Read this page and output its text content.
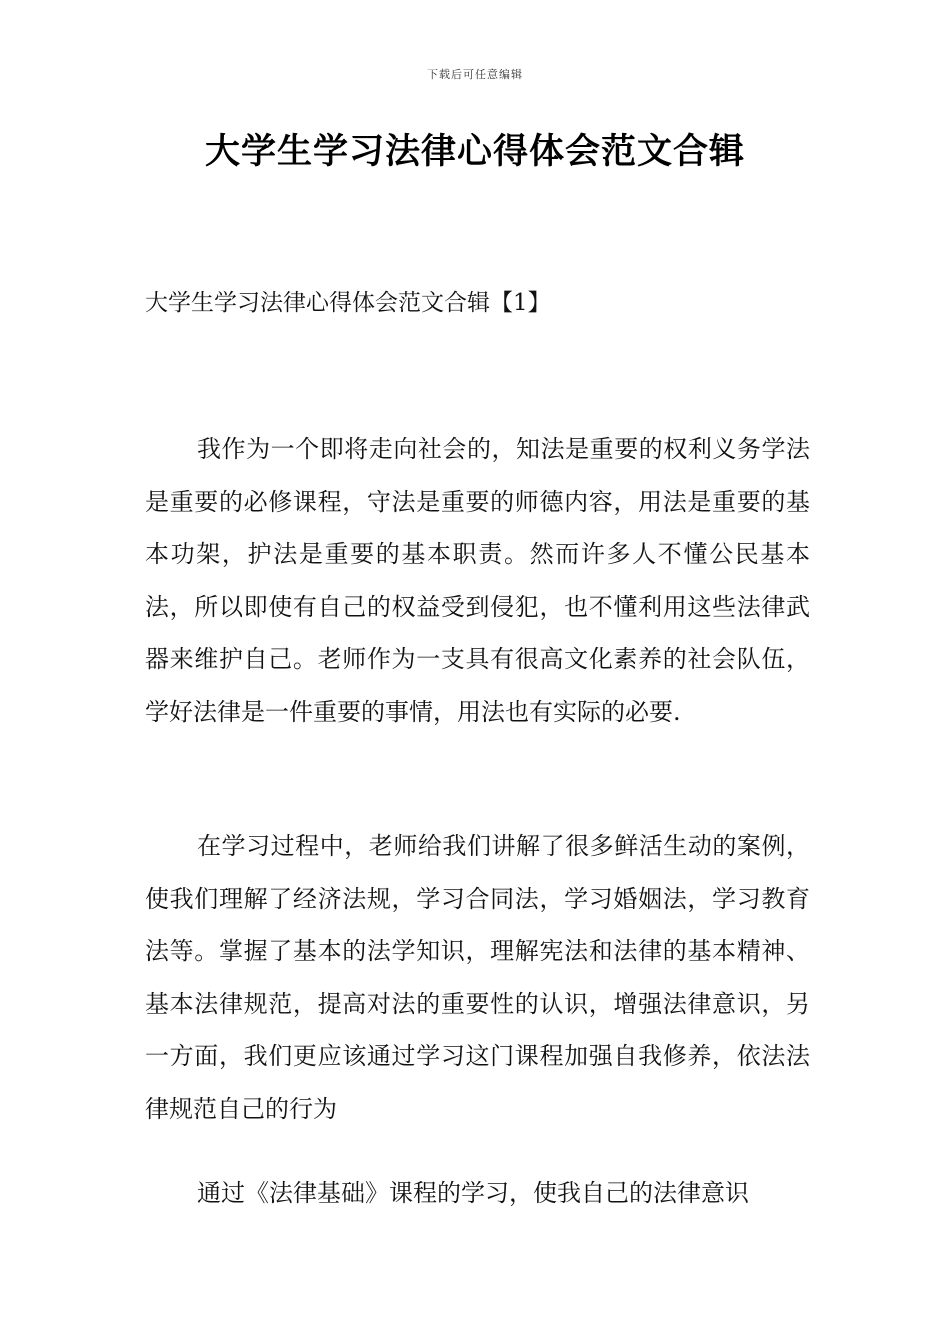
下载后可任意编辑
大学生学习法律心得体会范文合辑
大学生学习法律心得体会范文合辑【1】

我作为一个即将走向社会的，知法是重要的权利义务学法是重要的必修课程，守法是重要的师德内容，用法是重要的基本功架，护法是重要的基本职责。然而许多人不懂公民基本法，所以即使有自己的权益受到侵犯，也不懂利用这些法律武器来维护自己。老师作为一支具有很高文化素养的社会队伍，学好法律是一件重要的事情，用法也有实际的必要.

在学习过程中，老师给我们讲解了很多鲜活生动的案例，使我们理解了经济法规，学习合同法，学习婚姻法，学习教育法等。掌握了基本的法学知识，理解宪法和法律的基本精神、基本法律规范，提高对法的重要性的认识，增强法律意识，另一方面，我们更应该通过学习这门课程加强自我修养，依法法律规范自己的行为

通过《法律基础》课程的学习，使我自己的法律意识
